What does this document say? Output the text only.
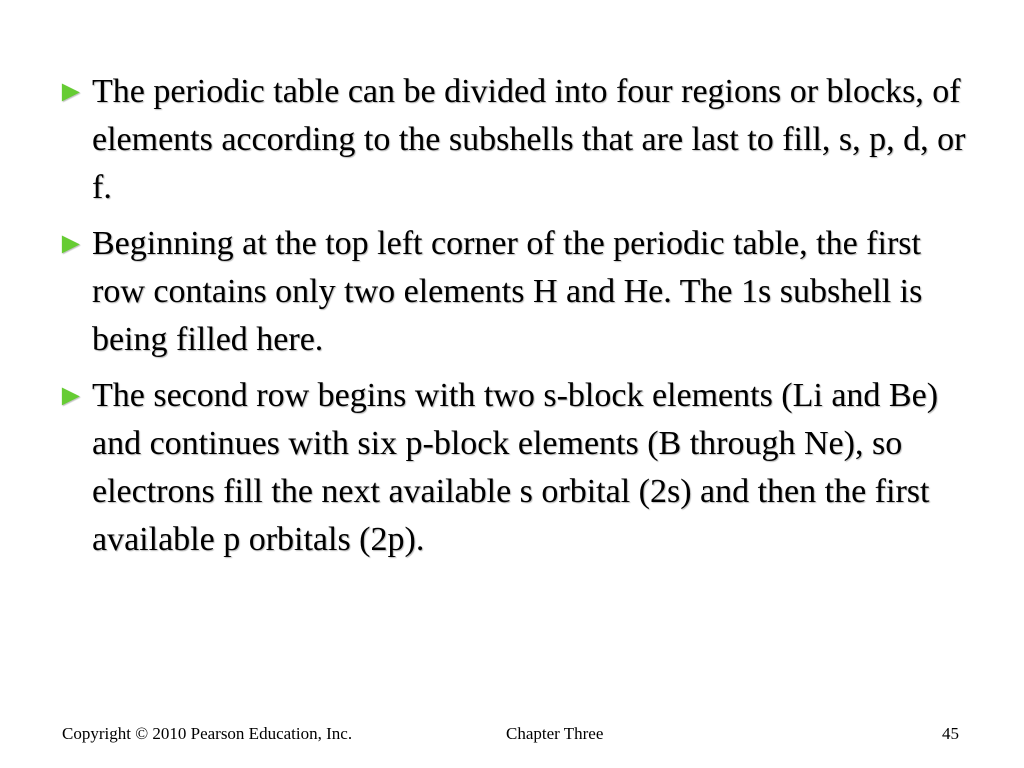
► The periodic table can be divided into four regions or blocks, of elements according to the subshells that are last to fill, s, p, d, or f.
► Beginning at the top left corner of the periodic table, the first row contains only two elements H and He. The 1s subshell is being filled here.
► The second row begins with two s-block elements (Li and Be) and continues with six p-block elements (B through Ne), so electrons fill the next available s orbital (2s) and then the first available p orbitals (2p).
Copyright © 2010 Pearson Education, Inc.	Chapter Three	45
